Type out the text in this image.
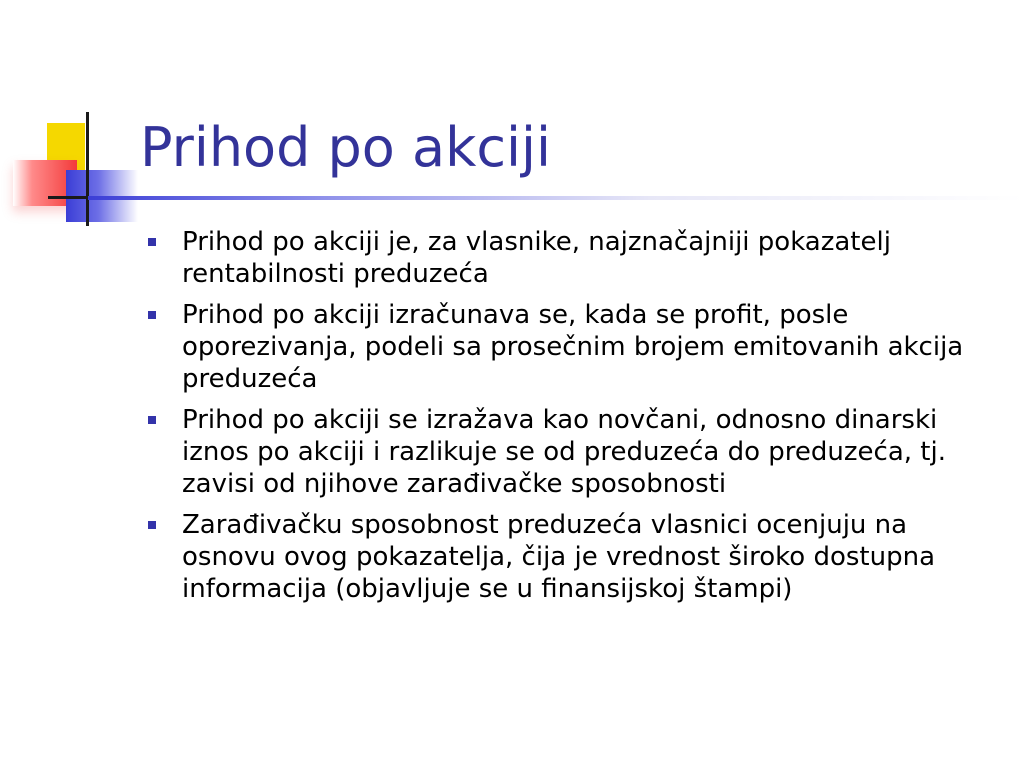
Prihod po akciji
Prihod po akciji je, za vlasnike, najznačajniji pokazatelj rentabilnosti preduzeća
Prihod po akciji izračunava se, kada se profit, posle oporezivanja, podeli sa prosečnim brojem emitovanih akcija preduzeća
Prihod po akciji se izražava kao novčani, odnosno dinarski iznos po akciji i razlikuje se od preduzeća do preduzeća, tj. zavisi od njihove zarađivačke sposobnosti
Zarađivačku sposobnost preduzeća vlasnici ocenjuju na osnovu ovog pokazatelja, čija je vrednost široko dostupna informacija (objavljuje se u finansijskoj štampi)
